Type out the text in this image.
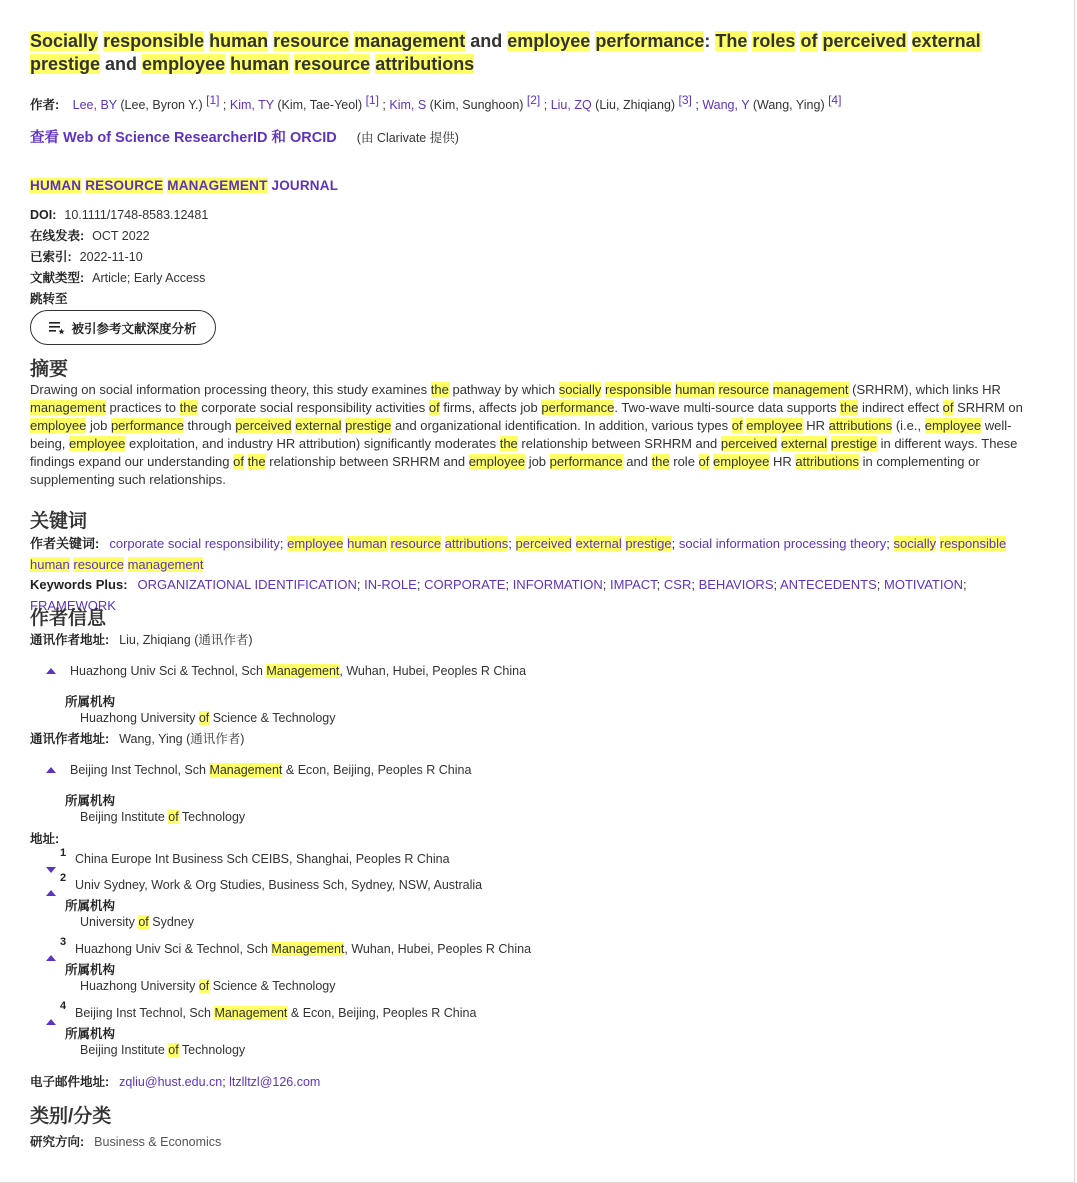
Socially responsible human resource management and employee performance: The roles of perceived external prestige and employee human resource attributions
作者: Lee, BY (Lee, Byron Y.) [1] ; Kim, TY (Kim, Tae-Yeol) [1] ; Kim, S (Kim, Sunghoon) [2] ; Liu, ZQ (Liu, Zhiqiang) [3] ; Wang, Y (Wang, Ying) [4]
查看 Web of Science ResearcherID 和 ORCID (由 Clarivate 提供)
HUMAN RESOURCE MANAGEMENT JOURNAL
DOI: 10.1111/1748-8583.12481
在线发表: OCT 2022
已索引: 2022-11-10
文献类型: Article; Early Access
跳转至
被引参考文献深度分析
摘要
Drawing on social information processing theory, this study examines the pathway by which socially responsible human resource management (SRHRM), which links HR management practices to the corporate social responsibility activities of firms, affects job performance. Two-wave multi-source data supports the indirect effect of SRHRM on employee job performance through perceived external prestige and organizational identification. In addition, various types of employee HR attributions (i.e., employee well-being, employee exploitation, and industry HR attribution) significantly moderates the relationship between SRHRM and perceived external prestige in different ways. These findings expand our understanding of the relationship between SRHRM and employee job performance and the role of employee HR attributions in complementing or supplementing such relationships.
关键词
作者关键词: corporate social responsibility; employee human resource attributions; perceived external prestige; social information processing theory; socially responsible human resource management
Keywords Plus: ORGANIZATIONAL IDENTIFICATION; IN-ROLE; CORPORATE; INFORMATION; IMPACT; CSR; BEHAVIORS; ANTECEDENTS; MOTIVATION; FRAMEWORK
作者信息
通讯作者地址: Liu, Zhiqiang (通讯作者)
Huazhong Univ Sci & Technol, Sch Management, Wuhan, Hubei, Peoples R China
所属机构
Huazhong University of Science & Technology
通讯作者地址: Wang, Ying (通讯作者)
Beijing Inst Technol, Sch Management & Econ, Beijing, Peoples R China
所属机构
Beijing Institute of Technology
地址:
1 China Europe Int Business Sch CEIBS, Shanghai, Peoples R China
2 Univ Sydney, Work & Org Studies, Business Sch, Sydney, NSW, Australia
所属机构
University of Sydney
3 Huazhong Univ Sci & Technol, Sch Management, Wuhan, Hubei, Peoples R China
所属机构
Huazhong University of Science & Technology
4 Beijing Inst Technol, Sch Management & Econ, Beijing, Peoples R China
所属机构
Beijing Institute of Technology
电子邮件地址: zqliu@hust.edu.cn; ltzlltzl@126.com
类别/分类
研究方向: Business & Economics
